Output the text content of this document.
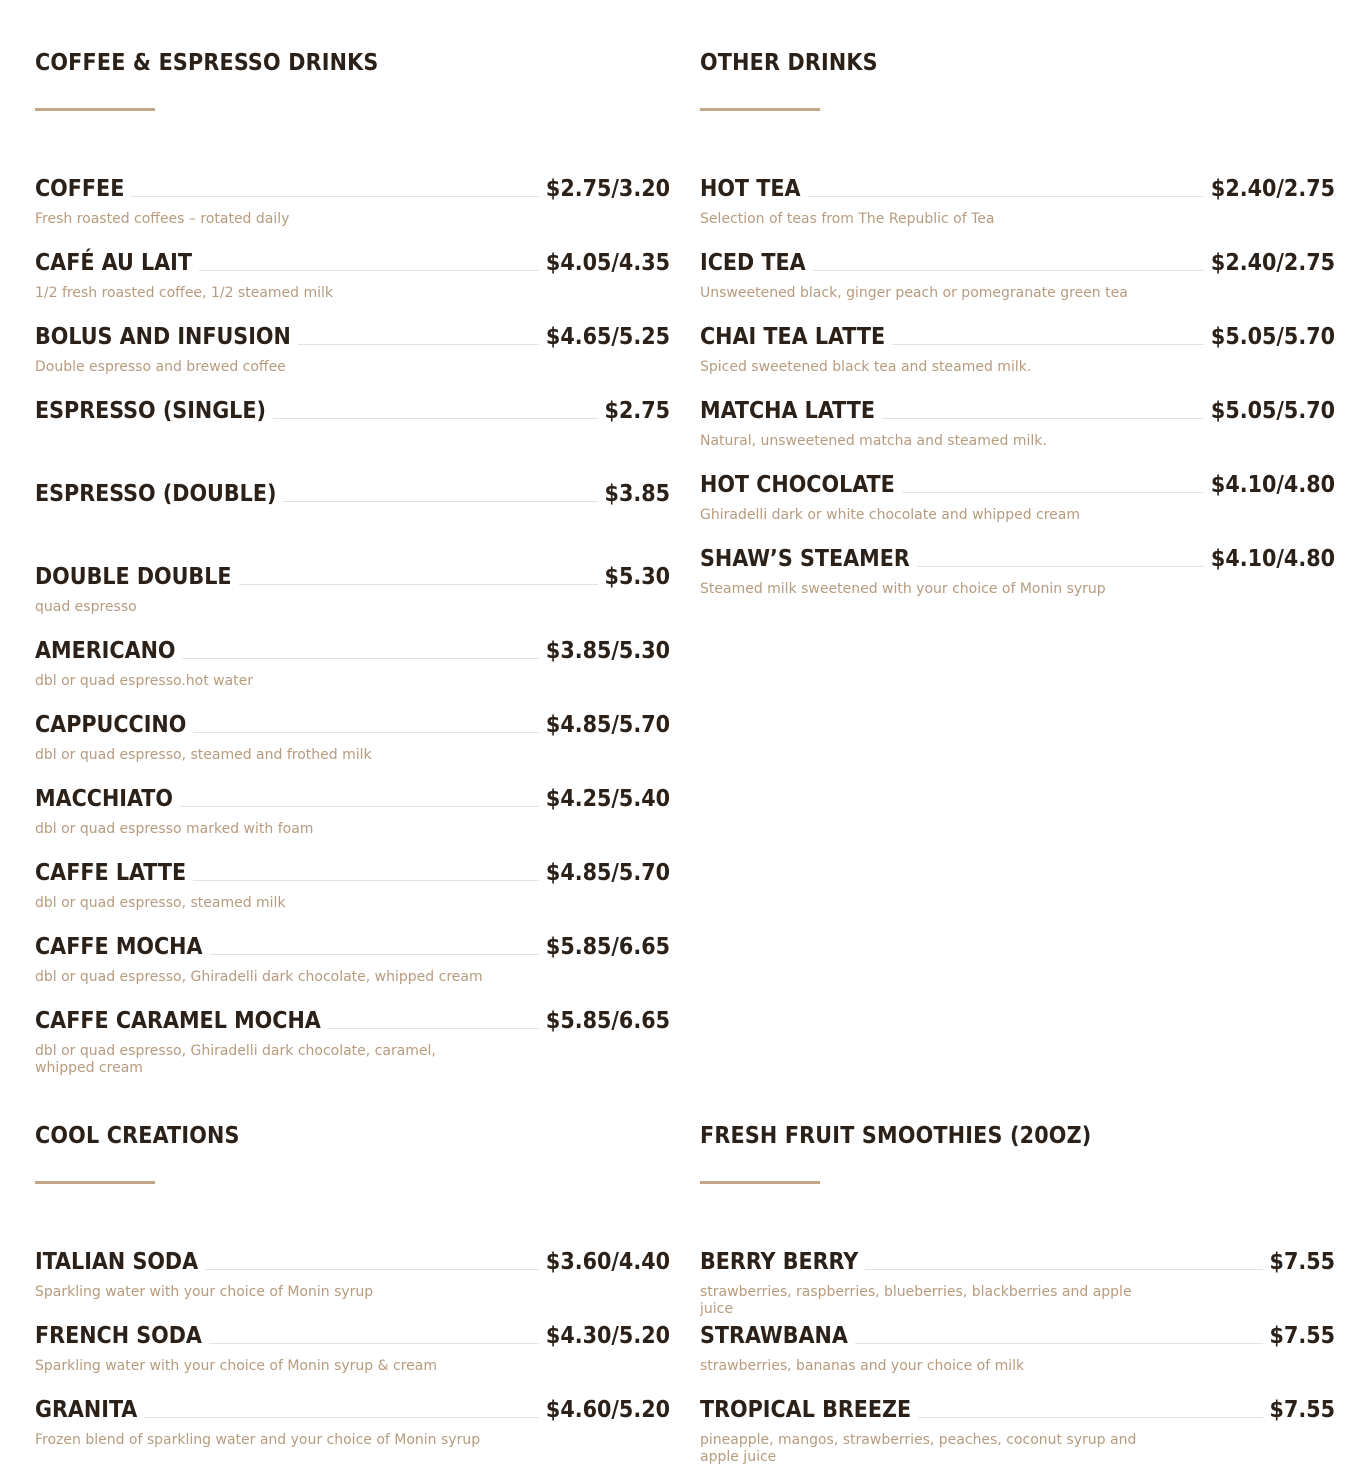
COFFEE & ESPRESSO DRINKS
COFFEE	$2.75/3.20
Fresh roasted coffees – rotated daily
CAFÉ AU LAIT	$4.05/4.35
1/2 fresh roasted coffee, 1/2 steamed milk
BOLUS AND INFUSION	$4.65/5.25
Double espresso and brewed coffee
ESPRESSO (SINGLE)	$2.75
ESPRESSO (DOUBLE)	$3.85
DOUBLE DOUBLE	$5.30
quad espresso
AMERICANO	$3.85/5.30
dbl or quad espresso.hot water
CAPPUCCINO	$4.85/5.70
dbl or quad espresso, steamed and frothed milk
MACCHIATO	$4.25/5.40
dbl or quad espresso marked with foam
CAFFE LATTE	$4.85/5.70
dbl or quad espresso, steamed milk
CAFFE MOCHA	$5.85/6.65
dbl or quad espresso, Ghiradelli dark chocolate, whipped cream
CAFFE CARAMEL MOCHA	$5.85/6.65
dbl or quad espresso, Ghiradelli dark chocolate, caramel, whipped cream
OTHER DRINKS
HOT TEA	$2.40/2.75
Selection of teas from The Republic of Tea
ICED TEA	$2.40/2.75
Unsweetened black, ginger peach or pomegranate green tea
CHAI TEA LATTE	$5.05/5.70
Spiced sweetened black tea and steamed milk.
MATCHA LATTE	$5.05/5.70
Natural, unsweetened matcha and steamed milk.
HOT CHOCOLATE	$4.10/4.80
Ghiradelli dark or white chocolate and whipped cream
SHAW’S STEAMER	$4.10/4.80
Steamed milk sweetened with your choice of Monin syrup
COOL CREATIONS
ITALIAN SODA	$3.60/4.40
Sparkling water with your choice of Monin syrup
FRENCH SODA	$4.30/5.20
Sparkling water with your choice of Monin syrup & cream
GRANITA	$4.60/5.20
Frozen blend of sparkling water and your choice of Monin syrup
FRESH FRUIT SMOOTHIES (20OZ)
BERRY BERRY	$7.55
strawberries, raspberries, blueberries, blackberries and apple juice
STRAWBANA	$7.55
strawberries, bananas and your choice of milk
TROPICAL BREEZE	$7.55
pineapple, mangos, strawberries, peaches, coconut syrup and apple juice
